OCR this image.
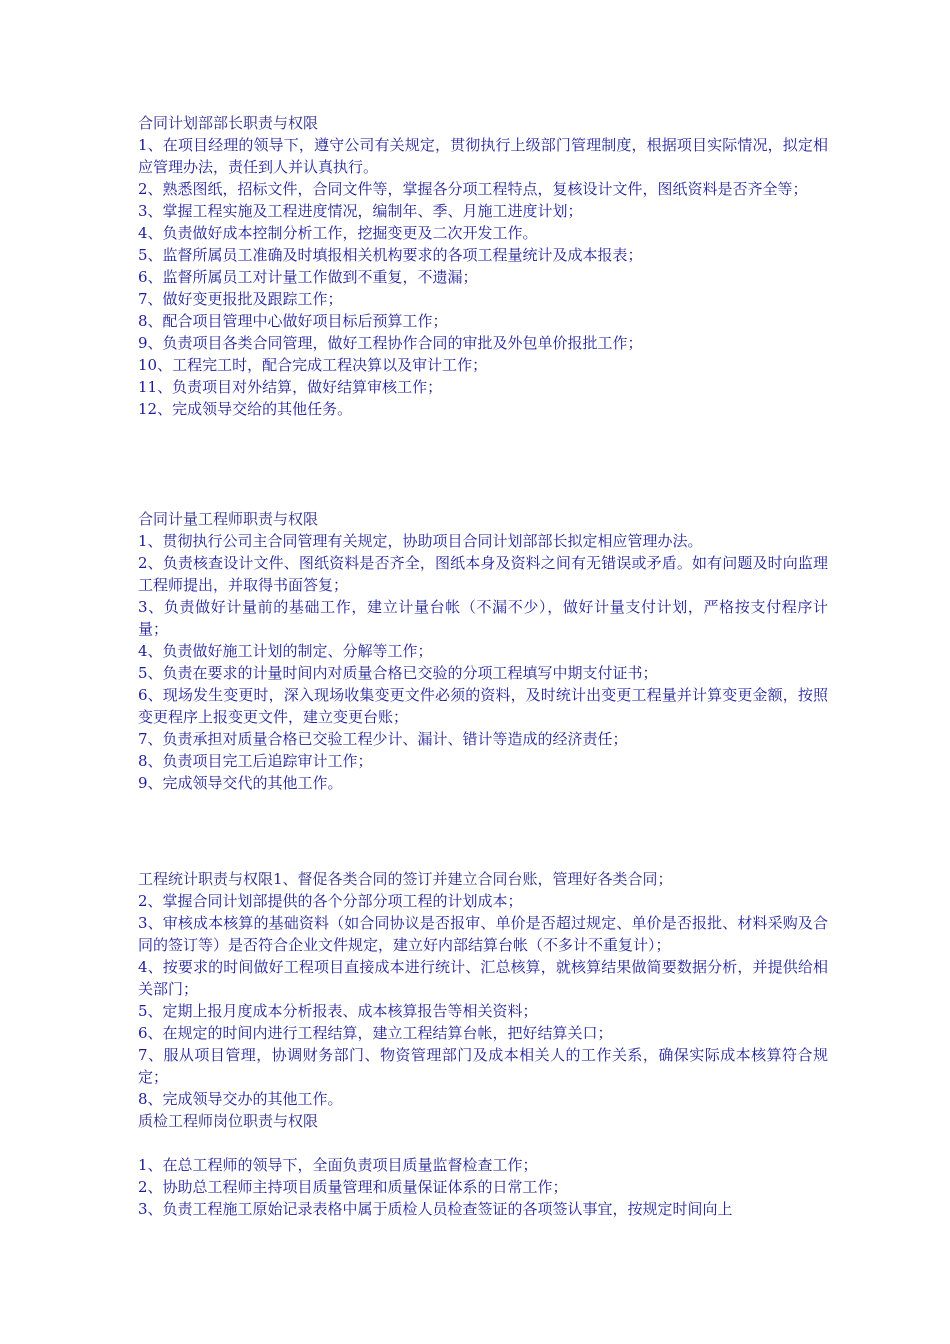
合同计划部部长职责与权限

1、在项目经理的领导下，遵守公司有关规定，贯彻执行上级部门管理制度，根据项目实际情况，拟定相应管理办法，责任到人并认真执行。

2、熟悉图纸，招标文件，合同文件等，掌握各分项工程特点，复核设计文件，图纸资料是否齐全等；

3、掌握工程实施及工程进度情况，编制年、季、月施工进度计划；

4、负责做好成本控制分析工作，挖掘变更及二次开发工作。

5、监督所属员工准确及时填报相关机构要求的各项工程量统计及成本报表；

6、监督所属员工对计量工作做到不重复，不遗漏；

7、做好变更报批及跟踪工作；

8、配合项目管理中心做好项目标后预算工作；

9、负责项目各类合同管理，做好工程协作合同的审批及外包单价报批工作；

10、工程完工时，配合完成工程决算以及审计工作；

11、负责项目对外结算，做好结算审核工作；

12、完成领导交给的其他任务。

合同计量工程师职责与权限

1、贯彻执行公司主合同管理有关规定，协助项目合同计划部部长拟定相应管理办法。

2、负责核查设计文件、图纸资料是否齐全，图纸本身及资料之间有无错误或矛盾。如有问题及时向监理工程师提出，并取得书面答复；

3、负责做好计量前的基础工作，建立计量台帐（不漏不少），做好计量支付计划，严格按支付程序计量；

4、负责做好施工计划的制定、分解等工作；

5、负责在要求的计量时间内对质量合格已交验的分项工程填写中期支付证书；

6、现场发生变更时，深入现场收集变更文件必须的资料，及时统计出变更工程量并计算变更金额，按照变更程序上报变更文件，建立变更台账；

7、负责承担对质量合格已交验工程少计、漏计、错计等造成的经济责任；

8、负责项目完工后追踪审计工作；

9、完成领导交代的其他工作。

工程统计职责与权限1、督促各类合同的签订并建立合同台账，管理好各类合同；

2、掌握合同计划部提供的各个分部分项工程的计划成本；

3、审核成本核算的基础资料（如合同协议是否报审、单价是否超过规定、单价是否报批、材料采购及合同的签订等）是否符合企业文件规定，建立好内部结算台帐（不多计不重复计）；

4、按要求的时间做好工程项目直接成本进行统计、汇总核算，就核算结果做简要数据分析，并提供给相关部门；

5、定期上报月度成本分析报表、成本核算报告等相关资料；

6、在规定的时间内进行工程结算，建立工程结算台帐，把好结算关口；

7、服从项目管理，协调财务部门、物资管理部门及成本相关人的工作关系，确保实际成本核算符合规定；

8、完成领导交办的其他工作。

质检工程师岗位职责与权限

1、在总工程师的领导下，全面负责项目质量监督检查工作；

2、协助总工程师主持项目质量管理和质量保证体系的日常工作；

3、负责工程施工原始记录表格中属于质检人员检查签证的各项签认事宜，按规定时间向上
